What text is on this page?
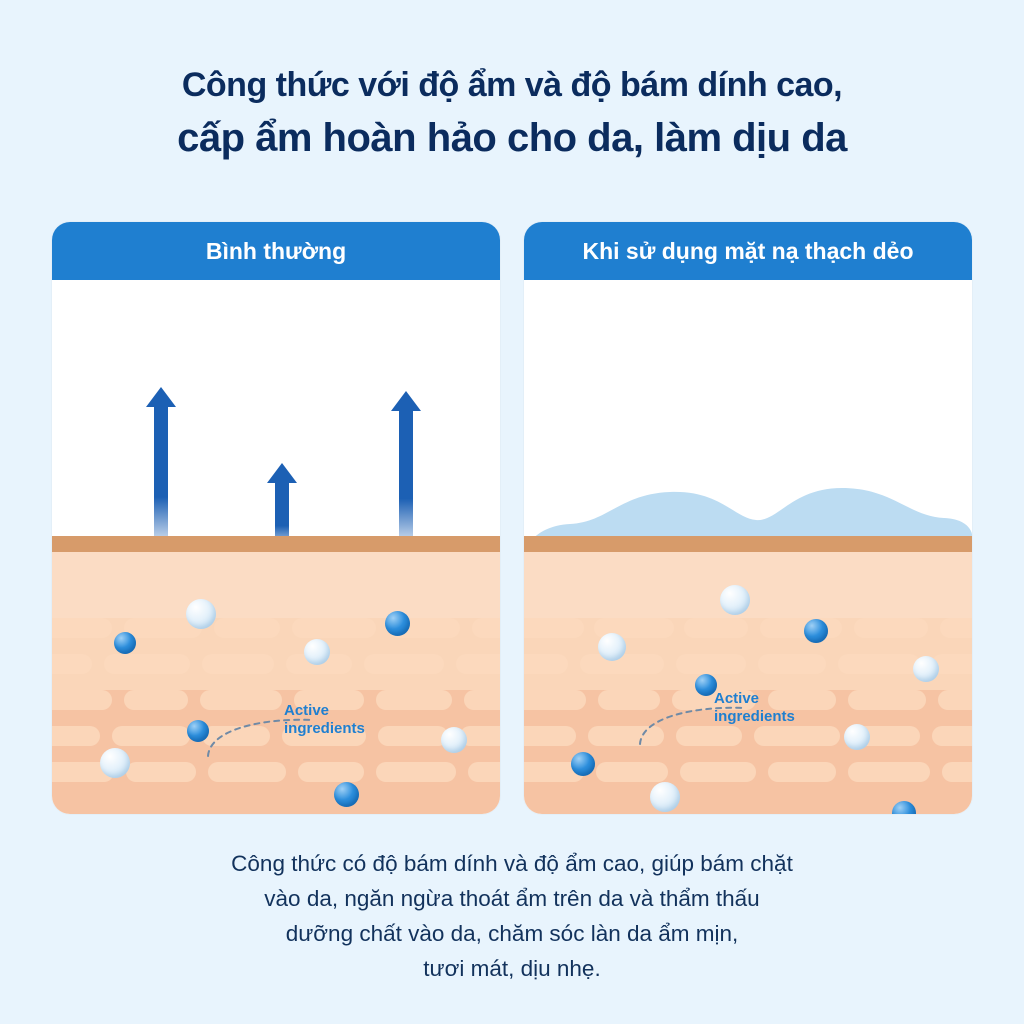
Công thức với độ ẩm và độ bám dính cao,
cấp ẩm hoàn hảo cho da, làm dịu da
Bình thường
Active
ingredients
Khi sử dụng mặt nạ thạch dẻo
Active
ingredients
Công thức có độ bám dính và độ ẩm cao, giúp bám chặt
vào da, ngăn ngừa thoát ẩm trên da và thẩm thấu
dưỡng chất vào da, chăm sóc làn da ẩm mịn,
tươi mát, dịu nhẹ.
